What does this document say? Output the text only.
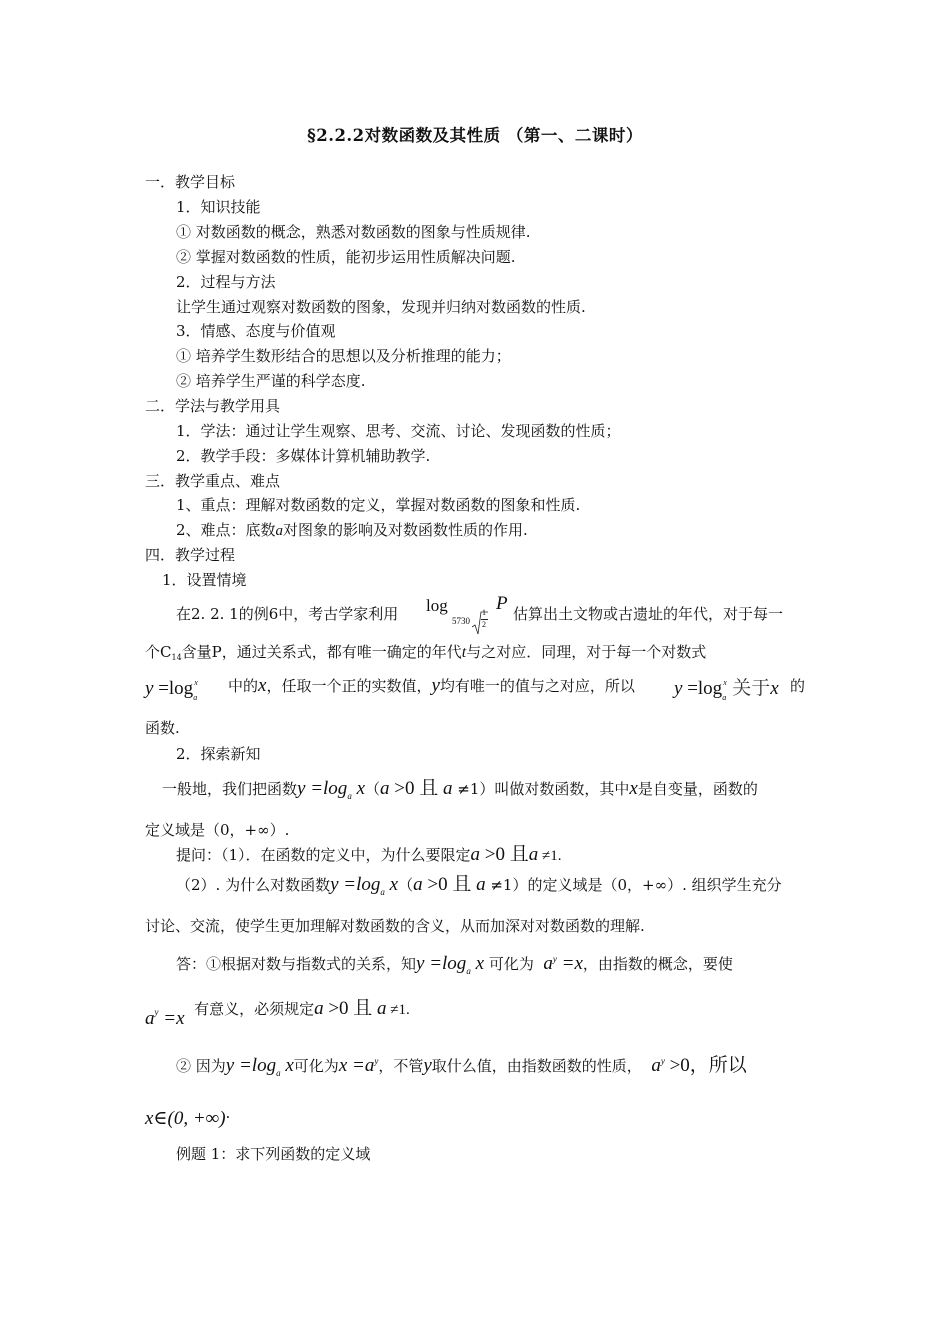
§2.2.2对数函数及其性质 （第一、二课时）
一．教学目标
1．知识技能
① 对数函数的概念，熟悉对数函数的图象与性质规律.
② 掌握对数函数的性质，能初步运用性质解决问题.
2．过程与方法
让学生通过观察对数函数的图象，发现并归纳对数函数的性质.
3．情感、态度与价值观
① 培养学生数形结合的思想以及分析推理的能力；
② 培养学生严谨的科学态度.
二．学法与教学用具
1．学法：通过让学生观察、思考、交流、讨论、发现函数的性质；
2．教学手段：多媒体计算机辅助教学.
三．教学重点、难点
1、重点：理解对数函数的定义，掌握对数函数的图象和性质.
2、难点：底数a对图象的影响及对数函数性质的作用.
四．教学过程
1．设置情境
在2. 2. 1的例6中，考古学家利用 log
5730
1
2
P 估算出土文物或古遗址的年代，对于每一
个$C_{14}$含量P，通过关系式，都有唯一确定的年代t与之对应．同理，对于每一个对数式
y =log x
a
中的x，任取一个正的实数值，y均有唯一的值与之对应，所以 y =log x
a 关于x 的
函数.
2．探索新知
一般地，我们把函数$y =\log_a$ x（a >0 且 a ≠1）叫做对数函数，其中x是自变量，函数的
定义域是（0，+∞）.
提问：（1）．在函数的定义中，为什么要限定a >0 且a ≠1.
（2）. 为什么对数函数$y =\log_a$ x（a >0 且 a ≠1）的定义域是（0，+∞）. 组织学生充分
讨论、交流，使学生更加理解对数函数的含义，从而加深对对数函数的理解.
答：①根据对数与指数式的关系，知$y =\log_a$ x 可化为 $a^y =x$，由指数的概念，要使
$a^y =x$ 有意义，必须规定a >0 且 a ≠1.
② 因为$y =\log_a$ x可化为$x =a^y$，不管y取什么值，由指数函数的性质， $a^y >0$，所以
x∈(0, +∞).
例题 1：求下列函数的定义域
